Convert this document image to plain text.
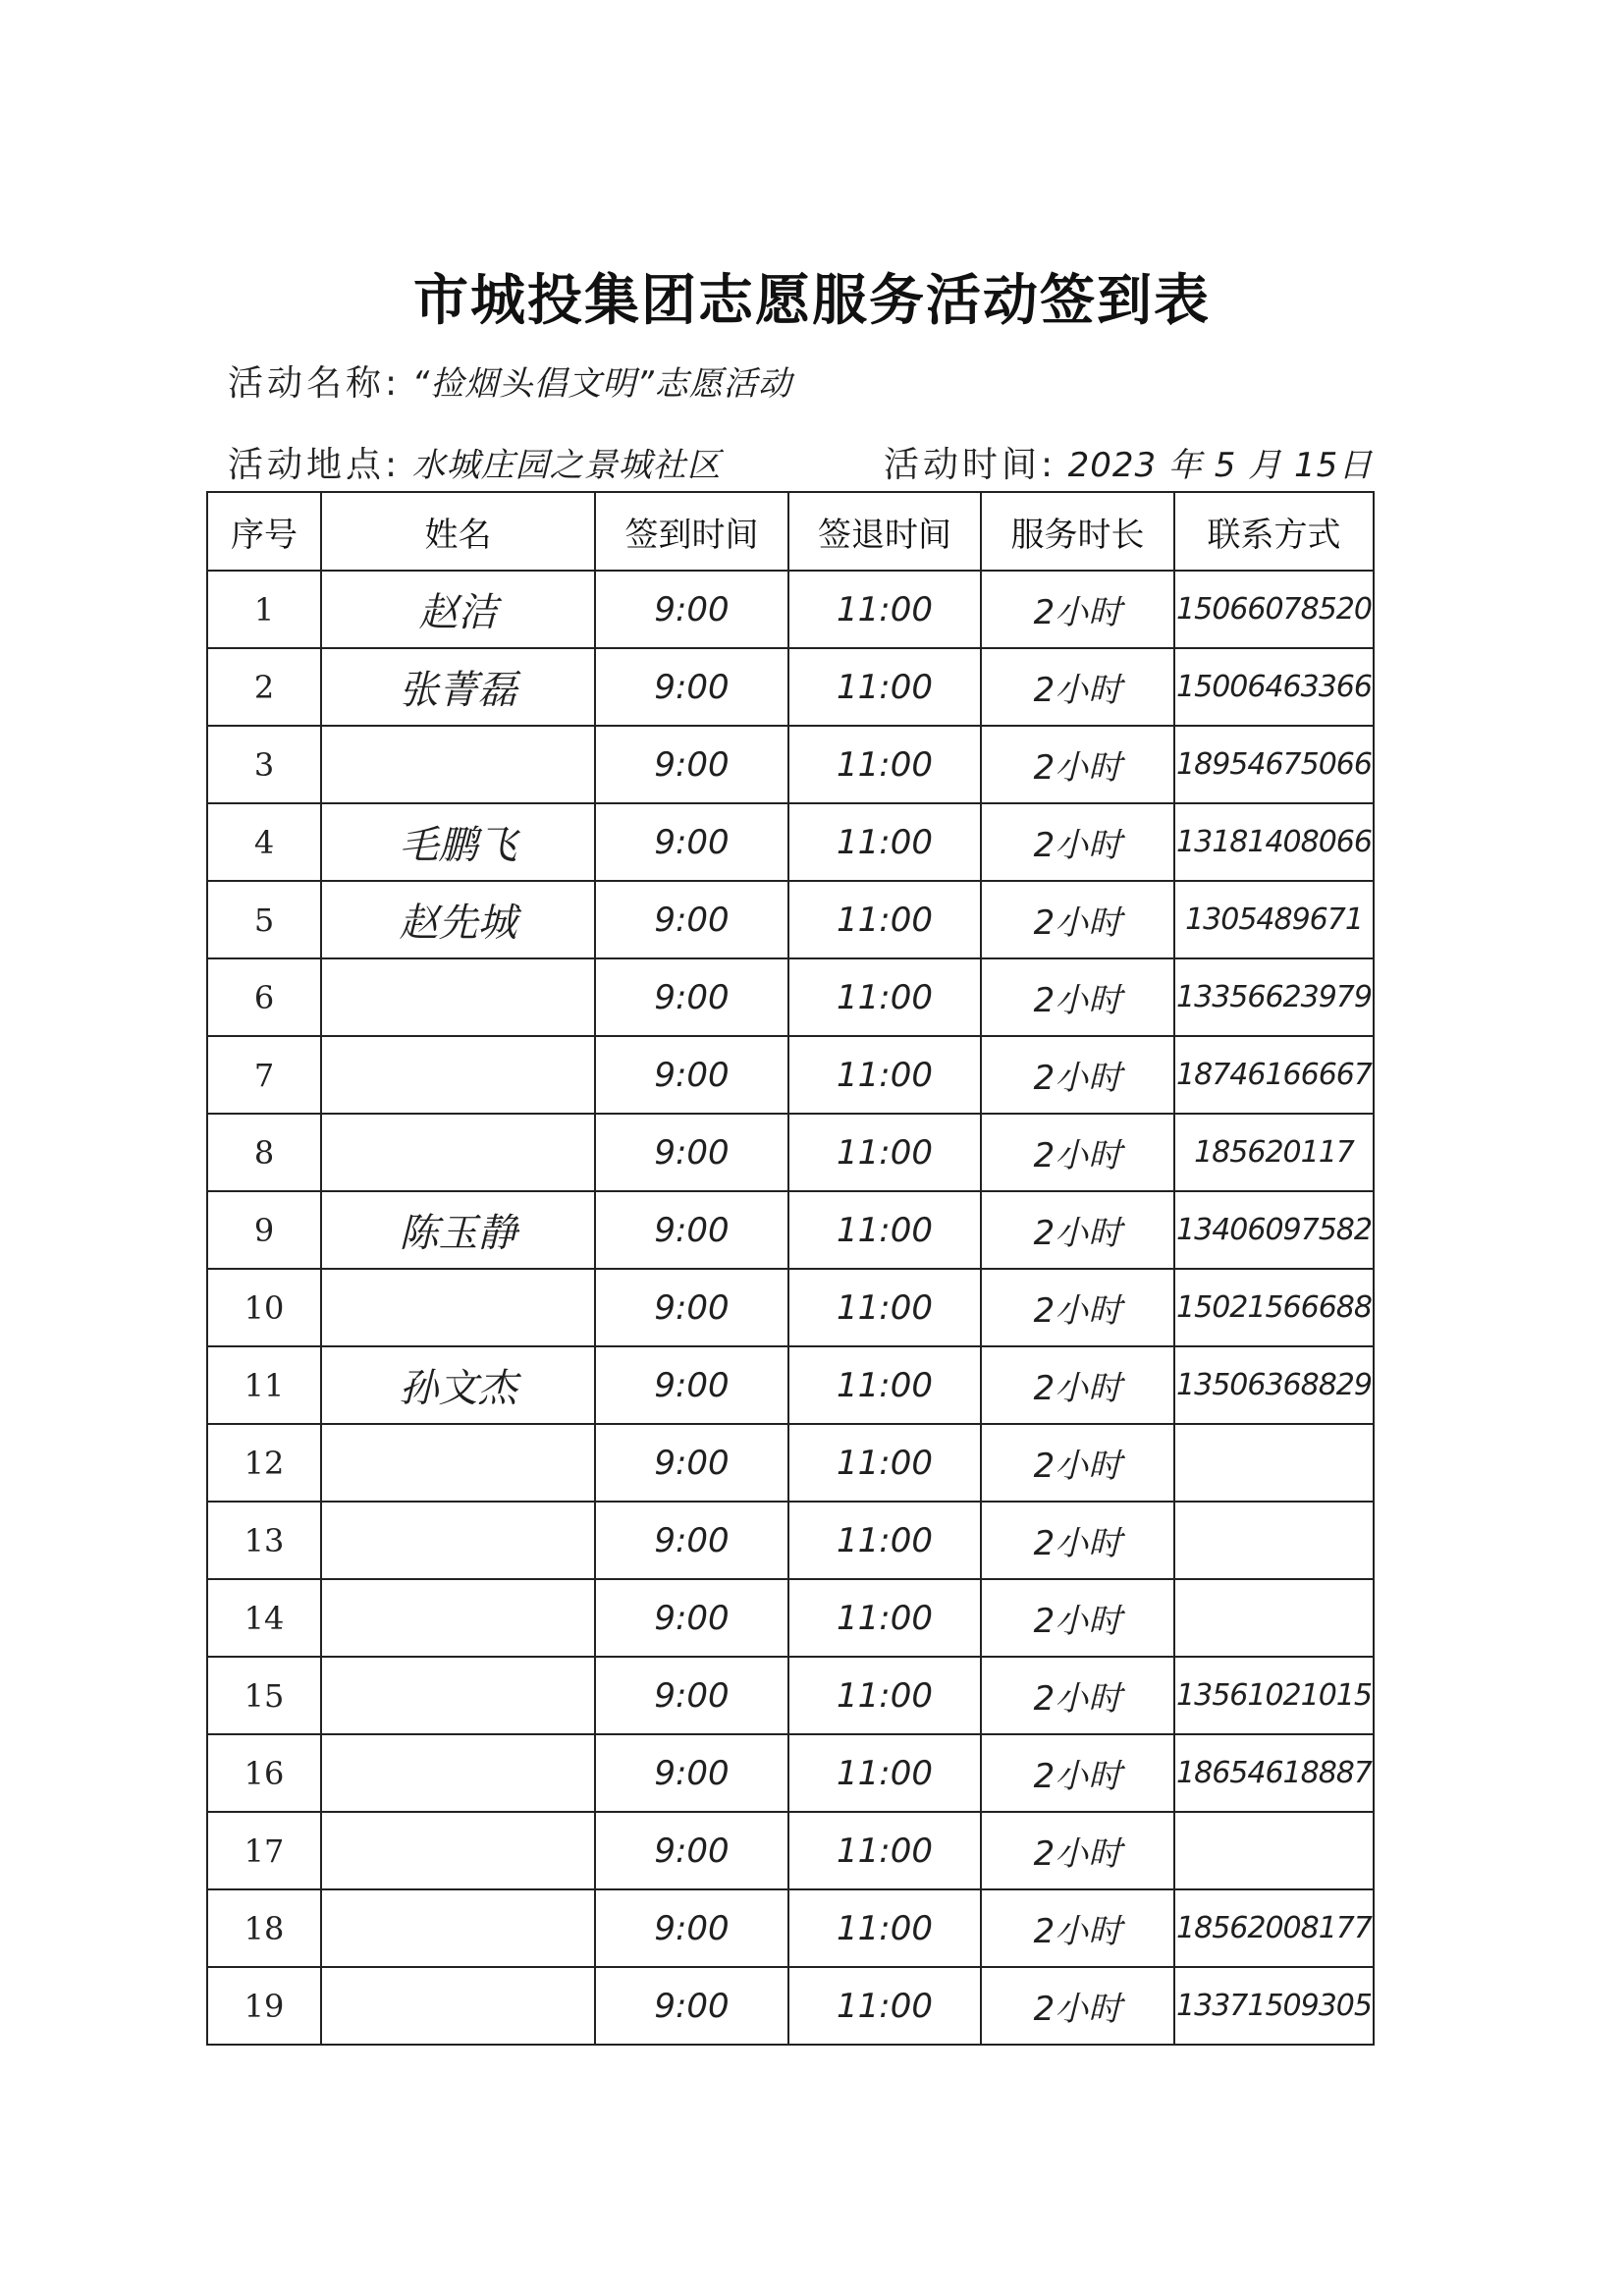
市城投集团志愿服务活动签到表
活动名称: “捡烟头倡文明”志愿活动
活动地点: 水城庄园之景城社区	活动时间: 2023 年 5 月 15日
序号	姓名	签到时间	签退时间	服务时长	联系方式
1	赵洁	9:00	11:00	2小时	15066078520
2	张菁磊	9:00	11:00	2小时	15006463366
3		9:00	11:00	2小时	18954675066
4	毛鹏飞	9:00	11:00	2小时	13181408066
5	赵先城	9:00	11:00	2小时	1305489671
6		9:00	11:00	2小时	13356623979
7		9:00	11:00	2小时	18746166667
8		9:00	11:00	2小时	185620117
9	陈玉静	9:00	11:00	2小时	13406097582
10		9:00	11:00	2小时	15021566688
11	孙文杰	9:00	11:00	2小时	13506368829
12		9:00	11:00	2小时	
13		9:00	11:00	2小时	
14		9:00	11:00	2小时	
15		9:00	11:00	2小时	13561021015
16		9:00	11:00	2小时	18654618887
17		9:00	11:00	2小时	
18		9:00	11:00	2小时	18562008177
19		9:00	11:00	2小时	13371509305
